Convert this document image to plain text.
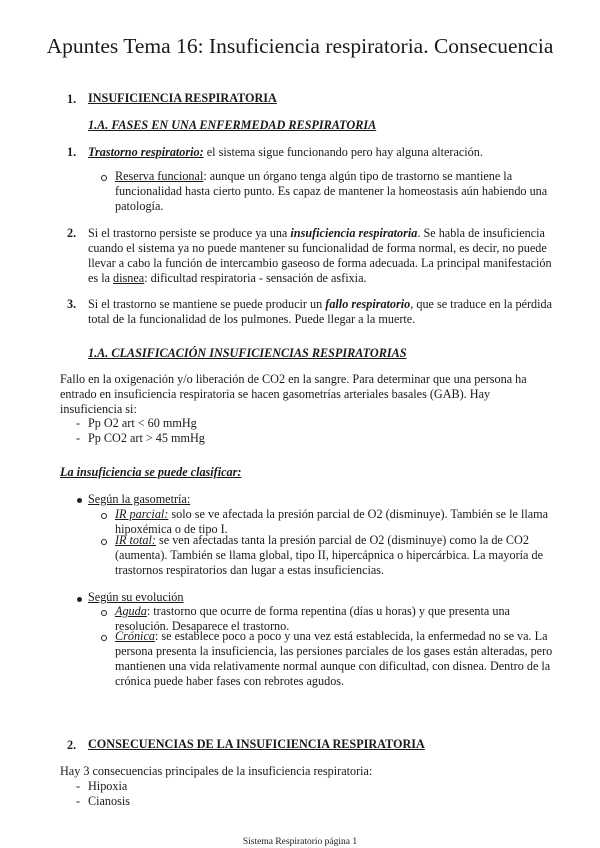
Apuntes Tema 16: Insuficiencia respiratoria. Consecuencia
1. INSUFICIENCIA RESPIRATORIA
1.A. FASES EN UNA ENFERMEDAD RESPIRATORIA
1. Trastorno respiratorio: el sistema sigue funcionando pero hay alguna alteración.
Reserva funcional: aunque un órgano tenga algún tipo de trastorno se mantiene la
funcionalidad hasta cierto punto. Es capaz de mantener la homeostasis aún habiendo una
patología.
2. Si el trastorno persiste se produce ya una insuficiencia respiratoria. Se habla de insuficiencia
cuando el sistema ya no puede mantener su funcionalidad de forma normal, es decir, no puede
llevar a cabo la función de intercambio gaseoso de forma adecuada. La principal manifestación
es la disnea: dificultad respiratoria - sensación de asfixia.
3. Si el trastorno se mantiene se puede producir un fallo respiratorio, que se traduce en la pérdida
total de la funcionalidad de los pulmones. Puede llegar a la muerte.
1.A. CLASIFICACIÓN INSUFICIENCIAS RESPIRATORIAS
Fallo en la oxigenación y/o liberación de CO2 en la sangre. Para determinar que una persona ha
entrado en insuficiencia respiratoria se hacen gasometrías arteriales basales (GAB). Hay
insuficiencia si:
- Pp O2 art < 60 mmHg
- Pp CO2 art > 45 mmHg
La insuficiencia se puede clasificar:
Según la gasometría:
IR parcial: solo se ve afectada la presión parcial de O2 (disminuye). También se le llama
hipoxémica o de tipo I.
IR total: se ven afectadas tanta la presión parcial de O2 (disminuye) como la de CO2
(aumenta). También se llama global, tipo II, hipercápnica o hipercárbica. La mayoría de
trastornos respiratorios dan lugar a estas insuficiencias.
Según su evolución
Aguda: trastorno que ocurre de forma repentina (días u horas) y que presenta una
resolución. Desaparece el trastorno.
Crónica: se establece poco a poco y una vez está establecida, la enfermedad no se va. La
persona presenta la insuficiencia, las persiones parciales de los gases están alteradas, pero
mantienen una vida relativamente normal aunque con dificultad, con disnea. Dentro de la
crónica puede haber fases con rebrotes agudos.
2. CONSECUENCIAS DE LA INSUFICIENCIA RESPIRATORIA
Hay 3 consecuencias principales de la insuficiencia respiratoria:
- Hipoxia
- Cianosis
Sistema Respiratorio página 1
